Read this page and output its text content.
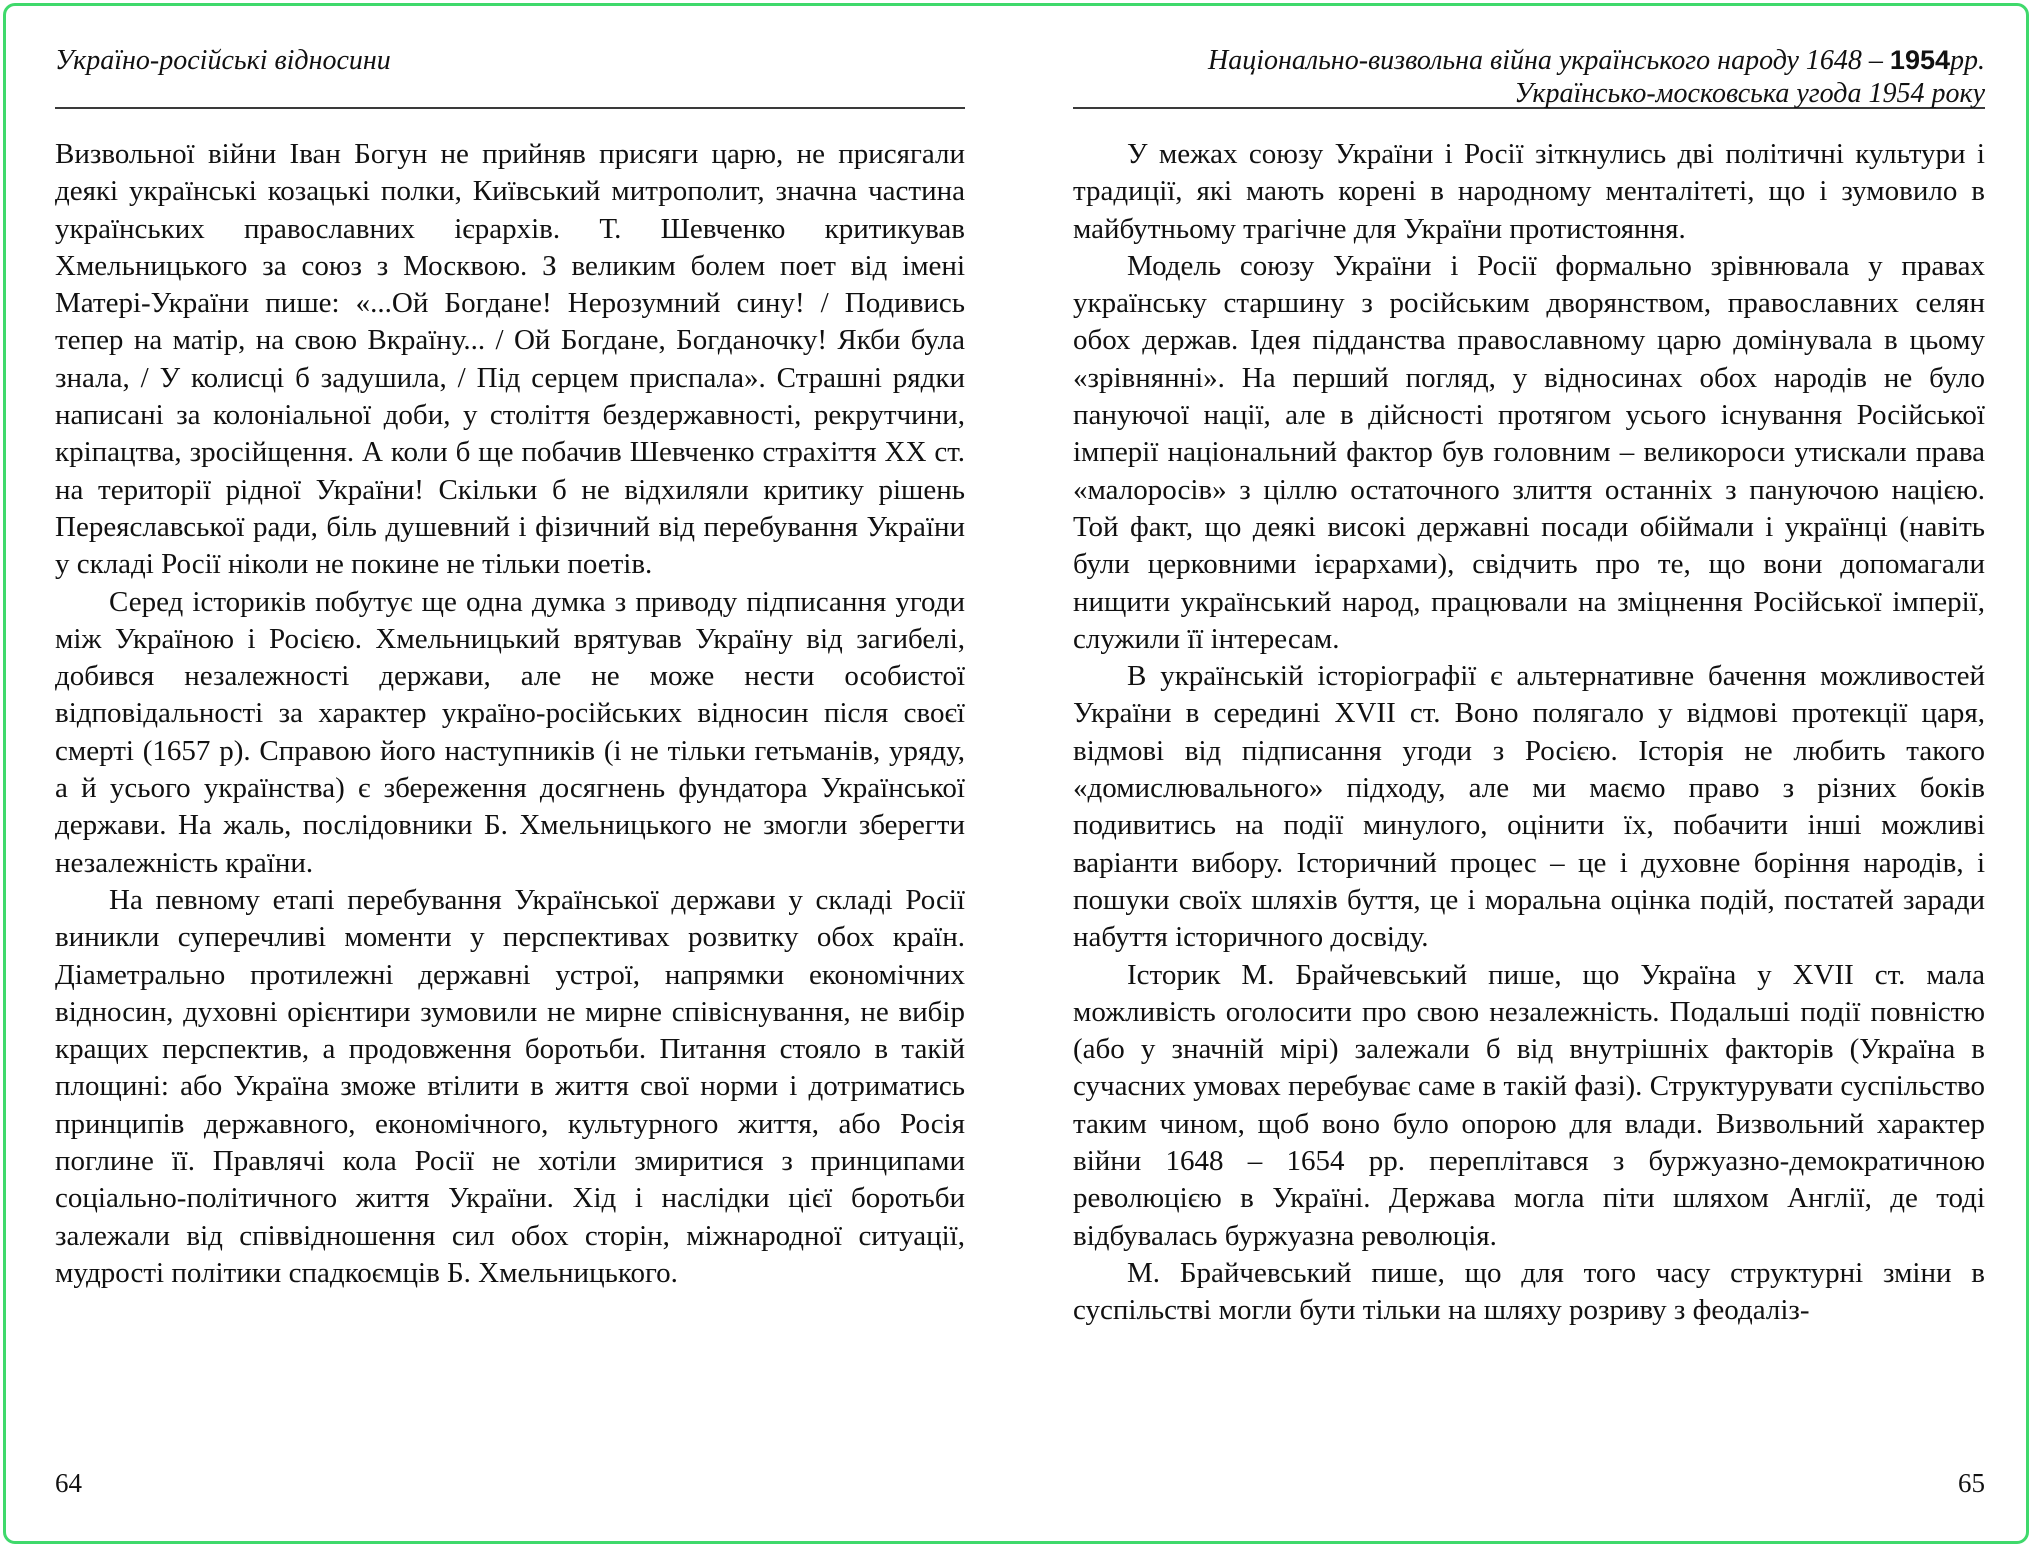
Україно-російські відносини

Визвольної війни Іван Богун не прийняв присяги царю, не присягали деякі українські козацькі полки, Київський митрополит, значна частина українських православних ієрархів. Т. Шевченко критикував Хмельницького за союз з Москвою. З великим болем поет від імені Матері-України пише: «...Ой Богдане! Нерозумний сину! / Подивись тепер на матір, на свою Вкраїну... / Ой Богдане, Богданочку! Якби була знала, / У колисці б задушила, / Під серцем приспала». Страшні рядки написані за колоніальної доби, у століття бездержавності, рекрутчини, кріпацтва, зросійщення. А коли б ще побачив Шевченко страхіття ХХ ст. на території рідної України! Скільки б не відхиляли критику рішень Переяславської ради, біль душевний і фізичний від перебування України у складі Росії ніколи не покине не тільки поетів.

Серед істориків побутує ще одна думка з приводу підписання угоди між Україною і Росією. Хмельницький врятував Україну від загибелі, добився незалежності держави, але не може нести особистої відповідальності за характер україно-російських відносин після своєї смерті (1657 р). Справою його наступників (і не тільки гетьманів, уряду, а й усього українства) є збереження досягнень фундатора Української держави. На жаль, послідовники Б. Хмельницького не змогли зберегти незалежність країни.

На певному етапі перебування Української держави у складі Росії виникли суперечливі моменти у перспективах розвитку обох країн. Діаметрально протилежні державні устрої, напрямки економічних відносин, духовні орієнтири зумовили не мирне співіснування, не вибір кращих перспектив, а продовження боротьби. Питання стояло в такій площині: або Україна зможе втілити в життя свої норми і дотриматись принципів державного, економічного, культурного життя, або Росія поглине її. Правлячі кола Росії не хотіли змиритися з принципами соціально-політичного життя України. Хід і наслідки цієї боротьби залежали від співвідношення сил обох сторін, міжнародної ситуації, мудрості політики спадкоємців Б. Хмельницького.

64
Національно-визвольна війна українського народу 1648 – 1954рр.
Українсько-московська угода 1954 року

У межах союзу України і Росії зіткнулись дві політичні культури і традиції, які мають корені в народному менталітеті, що і зумовило в майбутньому трагічне для України протистояння.

Модель союзу України і Росії формально зрівнювала у правах українську старшину з російським дворянством, православних селян обох держав. Ідея підданства православному царю домінувала в цьому «зрівнянні». На перший погляд, у відносинах обох народів не було пануючої нації, але в дійсності протягом усього існування Російської імперії національний фактор був головним – великороси утискали права «малоросів» з ціллю остаточного злиття останніх з пануючою нацією. Той факт, що деякі високі державні посади обіймали і українці (навіть були церковними ієрархами), свідчить про те, що вони допомагали нищити український народ, працювали на зміцнення Російської імперії, служили її інтересам.

В українській історіографії є альтернативне бачення можливостей України в середині XVII ст. Воно полягало у відмові протекції царя, відмові від підписання угоди з Росією. Історія не любить такого «домислювального» підходу, але ми маємо право з різних боків подивитись на події минулого, оцінити їх, побачити інші можливі варіанти вибору. Історичний процес – це і духовне боріння народів, і пошуки своїх шляхів буття, це і моральна оцінка подій, постатей заради набуття історичного досвіду.

Історик М. Брайчевський пише, що Україна у XVII ст. мала можливість оголосити про свою незалежність. Подальші події повністю (або у значній мірі) залежали б від внутрішніх факторів (Україна в сучасних умовах перебуває саме в такій фазі). Структурувати суспільство таким чином, щоб воно було опорою для влади. Визвольний характер війни 1648 – 1654 рр. переплітався з буржуазно-демократичною революцією в Україні. Держава могла піти шляхом Англії, де тоді відбувалась буржуазна революція.

М. Брайчевський пише, що для того часу структурні зміни в суспільстві могли бути тільки на шляху розриву з феодаліз-

65
